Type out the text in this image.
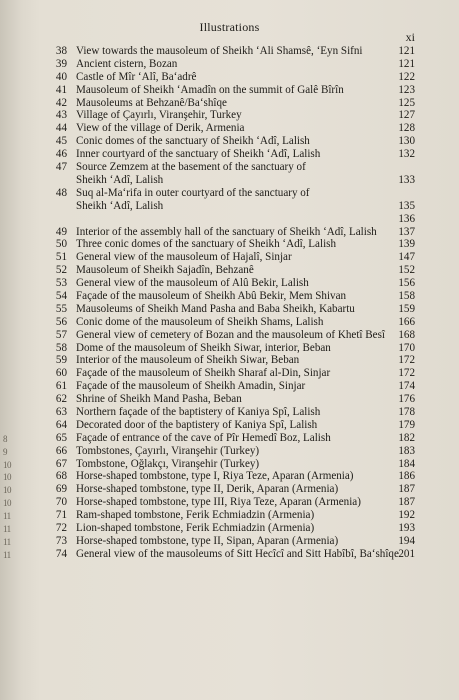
Illustrations
xi
38 View towards the mausoleum of Sheikh ‘Ali Shamsê, ‘Eyn Sifni	121
39 Ancient cistern, Bozan	121
40 Castle of Mîr ‘Alî, Ba‘adrê	122
41 Mausoleum of Sheikh ‘Amadîn on the summit of Galê Bîrîn	123
42 Mausoleums at Behzanê/Ba‘shîqe	125
43 Village of Çayırlı, Viranşehir, Turkey	127
44 View of the village of Derik, Armenia	128
45 Conic domes of the sanctuary of Sheikh ‘Adî, Lalish	130
46 Inner courtyard of the sanctuary of Sheikh ‘Adî, Lalish	132
47 Source Zemzem at the basement of the sanctuary of
Sheikh ‘Adî, Lalish	133
48 Suq al-Ma‘rifa in outer courtyard of the sanctuary of
Sheikh ‘Adî, Lalish	135
136
49 Interior of the assembly hall of the sanctuary of Sheikh ‘Adî, Lalish	137
50 Three conic domes of the sanctuary of Sheikh ‘Adî, Lalish	139
51 General view of the mausoleum of Hajalî, Sinjar	147
52 Mausoleum of Sheikh Sajadîn, Behzanê	152
53 General view of the mausoleum of Alû Bekir, Lalish	156
54 Façade of the mausoleum of Sheikh Abû Bekir, Mem Shivan	158
55 Mausoleums of Sheikh Mand Pasha and Baba Sheikh, Kabartu	159
56 Conic dome of the mausoleum of Sheikh Shams, Lalish	166
57 General view of cemetery of Bozan and the mausoleum of Khetî Besî	168
58 Dome of the mausoleum of Sheikh Siwar, interior, Beban	170
59 Interior of the mausoleum of Sheikh Siwar, Beban	172
60 Façade of the mausoleum of Sheikh Sharaf al-Din, Sinjar	172
61 Façade of the mausoleum of Sheikh Amadin, Sinjar	174
62 Shrine of Sheikh Mand Pasha, Beban	176
63 Northern façade of the baptistery of Kaniya Spî, Lalish	178
64 Decorated door of the baptistery of Kaniya Spî, Lalish	179
65 Façade of entrance of the cave of Pîr Hemedî Boz, Lalish	182
66 Tombstones, Çayırlı, Viranşehir (Turkey)	183
67 Tombstone, Oğlakçı, Viranşehir (Turkey)	184
68 Horse-shaped tombstone, type I, Riya Teze, Aparan (Armenia)	186
69 Horse-shaped tombstone, type II, Derik, Aparan (Armenia)	187
70 Horse-shaped tombstone, type III, Riya Teze, Aparan (Armenia)	187
71 Ram-shaped tombstone, Ferik Echmiadzin (Armenia)	192
72 Lion-shaped tombstone, Ferik Echmiadzin (Armenia)	193
73 Horse-shaped tombstone, type II, Sipan, Aparan (Armenia)	194
74 General view of the mausoleums of Sitt Hecîcî and Sitt Habîbî, Ba‘shîqe 201
8
9
10
10
10
10
11
11
11
11
